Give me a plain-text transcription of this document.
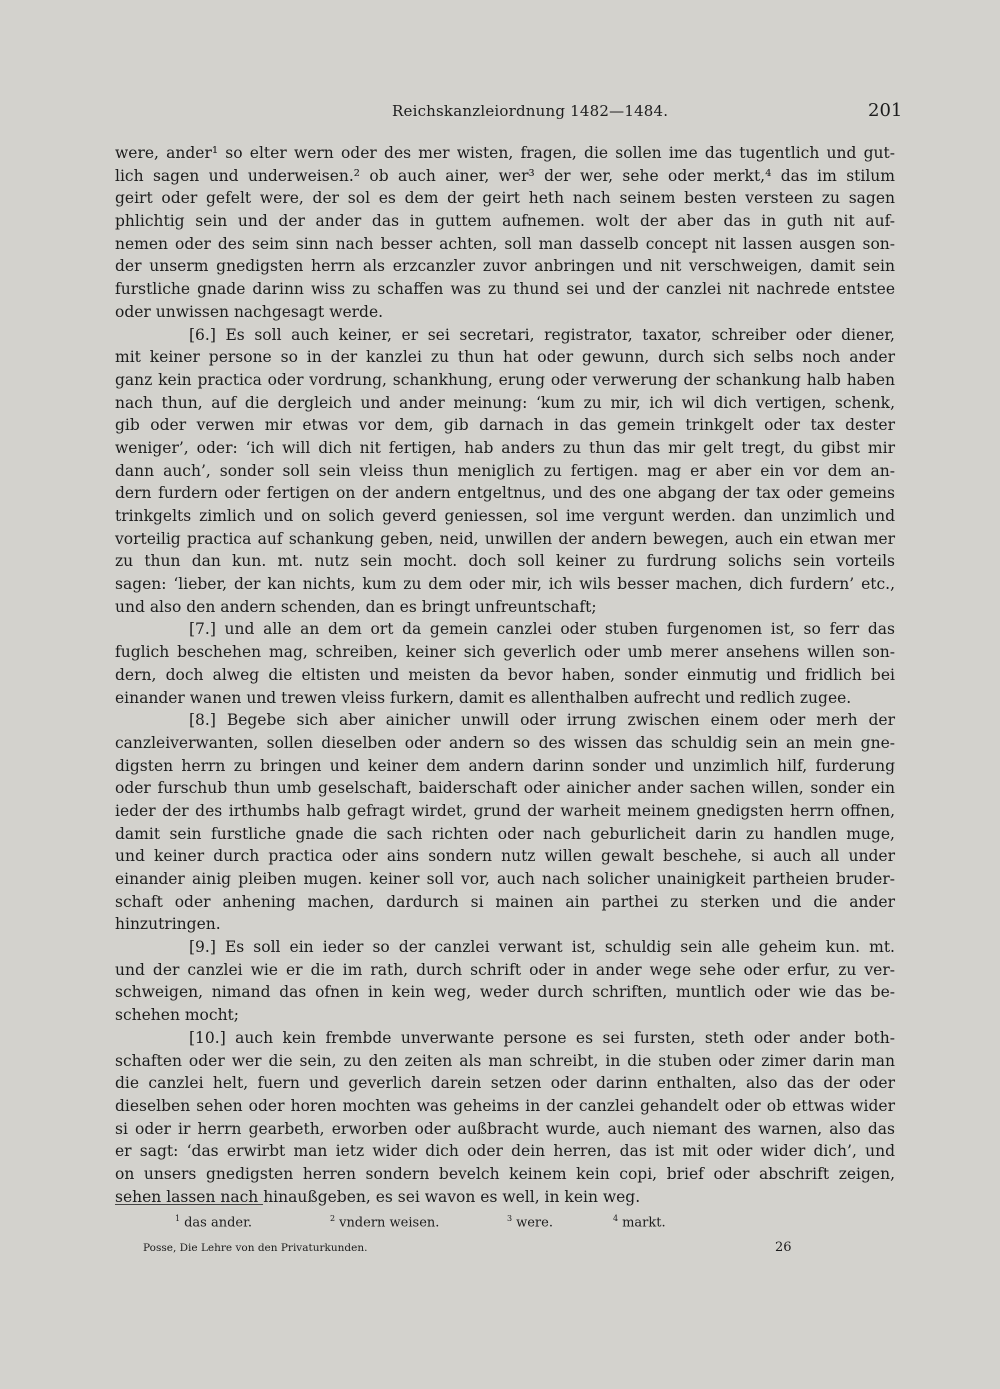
Reichskanzleiordnung 1482—1484.	201
were, ander¹ so elter wern oder des mer wisten, fragen, die sollen ime das tugentlich und gut-
lich sagen und underweisen.² ob auch ainer, wer³ der wer, sehe oder merkt,⁴ das im stilum
geirt oder gefelt were, der sol es dem der geirt heth nach seinem besten versteen zu sagen
phlichtig sein und der ander das in guttem aufnemen. wolt der aber das in guth nit auf-
nemen oder des seim sinn nach besser achten, soll man dasselb concept nit lassen ausgen son-
der unserm gnedigsten herrn als erzcanzler zuvor anbringen und nit verschweigen, damit sein
furstliche gnade darinn wiss zu schaffen was zu thund sei und der canzlei nit nachrede entstee
oder unwissen nachgesagt werde.
[6.] Es soll auch keiner, er sei secretari, registrator, taxator, schreiber oder diener,
mit keiner persone so in der kanzlei zu thun hat oder gewunn, durch sich selbs noch ander
ganz kein practica oder vordrung, schankhung, erung oder verwerung der schankung halb haben
nach thun, auf die dergleich und ander meinung: ‘kum zu mir, ich wil dich vertigen, schenk,
gib oder verwen mir etwas vor dem, gib darnach in das gemein trinkgelt oder tax dester
weniger’, oder: ‘ich will dich nit fertigen, hab anders zu thun das mir gelt tregt, du gibst mir
dann auch’, sonder soll sein vleiss thun meniglich zu fertigen. mag er aber ein vor dem an-
dern furdern oder fertigen on der andern entgeltnus, und des one abgang der tax oder gemeins
trinkgelts zimlich und on solich geverd geniessen, sol ime vergunt werden. dan unzimlich und
vorteilig practica auf schankung geben, neid, unwillen der andern bewegen, auch ein etwan mer
zu thun dan kun. mt. nutz sein mocht. doch soll keiner zu furdrung solichs sein vorteils
sagen: ‘lieber, der kan nichts, kum zu dem oder mir, ich wils besser machen, dich furdern’ etc.,
und also den andern schenden, dan es bringt unfreuntschaft;
[7.] und alle an dem ort da gemein canzlei oder stuben furgenomen ist, so ferr das
fuglich beschehen mag, schreiben, keiner sich geverlich oder umb merer ansehens willen son-
dern, doch alweg die eltisten und meisten da bevor haben, sonder einmutig und fridlich bei
einander wanen und trewen vleiss furkern, damit es allenthalben aufrecht und redlich zugee.
[8.] Begebe sich aber ainicher unwill oder irrung zwischen einem oder merh der
canzleiverwanten, sollen dieselben oder andern so des wissen das schuldig sein an mein gne-
digsten herrn zu bringen und keiner dem andern darinn sonder und unzimlich hilf, furderung
oder furschub thun umb geselschaft, baiderschaft oder ainicher ander sachen willen, sonder ein
ieder der des irthumbs halb gefragt wirdet, grund der warheit meinem gnedigsten herrn offnen,
damit sein furstliche gnade die sach richten oder nach geburlicheit darin zu handlen muge,
und keiner durch practica oder ains sondern nutz willen gewalt beschehe, si auch all under
einander ainig pleiben mugen. keiner soll vor, auch nach solicher unainigkeit partheien bruder-
schaft oder anhening machen, dardurch si mainen ain parthei zu sterken und die ander
hinzutringen.
[9.] Es soll ein ieder so der canzlei verwant ist, schuldig sein alle geheim kun. mt.
und der canzlei wie er die im rath, durch schrift oder in ander wege sehe oder erfur, zu ver-
schweigen, nimand das ofnen in kein weg, weder durch schriften, muntlich oder wie das be-
schehen mocht;
[10.] auch kein frembde unverwante persone es sei fursten, steth oder ander both-
schaften oder wer die sein, zu den zeiten als man schreibt, in die stuben oder zimer darin man
die canzlei helt, fuern und geverlich darein setzen oder darinn enthalten, also das der oder
dieselben sehen oder horen mochten was geheims in der canzlei gehandelt oder ob ettwas wider
si oder ir herrn gearbeth, erworben oder außbracht wurde, auch niemant des warnen, also das
er sagt: ‘das erwirbt man ietz wider dich oder dein herren, das ist mit oder wider dich’, und
on unsers gnedigsten herren sondern bevelch keinem kein copi, brief oder abschrift zeigen,
sehen lassen nach hinaußgeben, es sei wavon es well, in kein weg.
$^1$ das ander.	$^2$ vndern weisen.	$^3$ were.	$^4$ markt.
Posse, Die Lehre von den Privaturkunden.	26
